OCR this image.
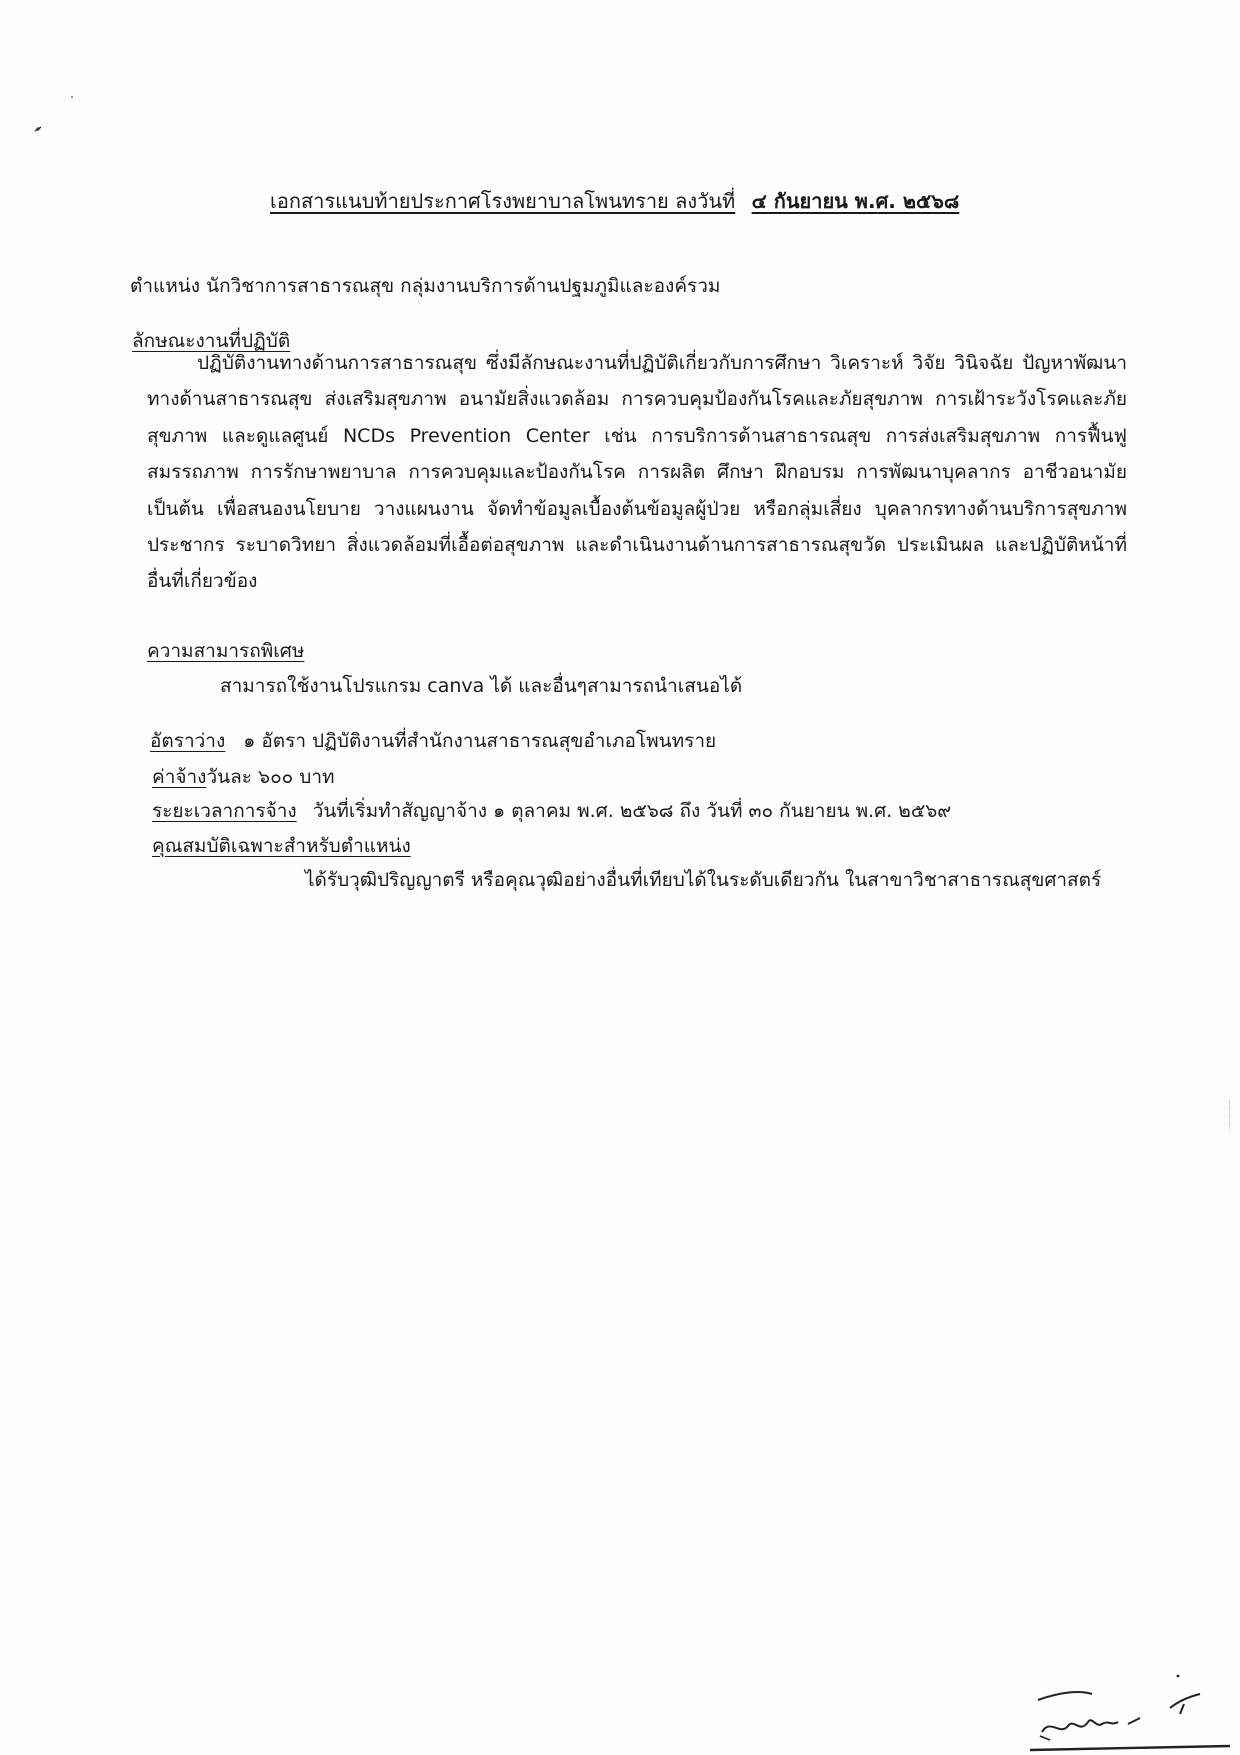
เอกสารแนบท้ายประกาศโรงพยาบาลโพนทราย ลงวันที่ ๔ กันยายน พ.ศ. ๒๕๖๘
ตำแหน่ง นักวิชาการสาธารณสุข กลุ่มงานบริการด้านปฐมภูมิและองค์รวม
ลักษณะงานที่ปฏิบัติ
ปฏิบัติงานทางด้านการสาธารณสุข ซึ่งมีลักษณะงานที่ปฏิบัติเกี่ยวกับการศึกษา วิเคราะห์ วิจัย วินิจฉัย ปัญหาพัฒนาทางด้านสาธารณสุข ส่งเสริมสุขภาพ อนามัยสิ่งแวดล้อม การควบคุมป้องกันโรคและภัยสุขภาพ การเฝ้าระวังโรคและภัยสุขภาพ และดูแลศูนย์ NCDs Prevention Center เช่น การบริการด้านสาธารณสุข การส่งเสริมสุขภาพ การฟื้นฟูสมรรถภาพ การรักษาพยาบาล การควบคุมและป้องกันโรค การผลิต ศึกษา ฝึกอบรม การพัฒนาบุคลากร อาชีวอนามัย เป็นต้น เพื่อสนองนโยบาย วางแผนงาน จัดทำข้อมูลเบื้องต้นข้อมูลผู้ป่วย หรือกลุ่มเสี่ยง บุคลากรทางด้านบริการสุขภาพ ประชากร ระบาดวิทยา สิ่งแวดล้อมที่เอื้อต่อสุขภาพ และดำเนินงานด้านการสาธารณสุขวัด ประเมินผล และปฏิบัติหน้าที่อื่นที่เกี่ยวข้อง
ความสามารถพิเศษ
สามารถใช้งานโปรแกรม canva ได้ และอื่นๆสามารถนำเสนอได้
อัตราว่าง ๑ อัตรา ปฏิบัติงานที่สำนักงานสาธารณสุขอำเภอโพนทราย
ค่าจ้างวันละ ๖๐๐ บาท
ระยะเวลาการจ้าง วันที่เริ่มทำสัญญาจ้าง ๑ ตุลาคม พ.ศ. ๒๕๖๘ ถึง วันที่ ๓๐ กันยายน พ.ศ. ๒๕๖๙
คุณสมบัติเฉพาะสำหรับตำแหน่ง
ได้รับวุฒิปริญญาตรี หรือคุณวุฒิอย่างอื่นที่เทียบได้ในระดับเดียวกัน ในสาขาวิชาสาธารณสุขศาสตร์
